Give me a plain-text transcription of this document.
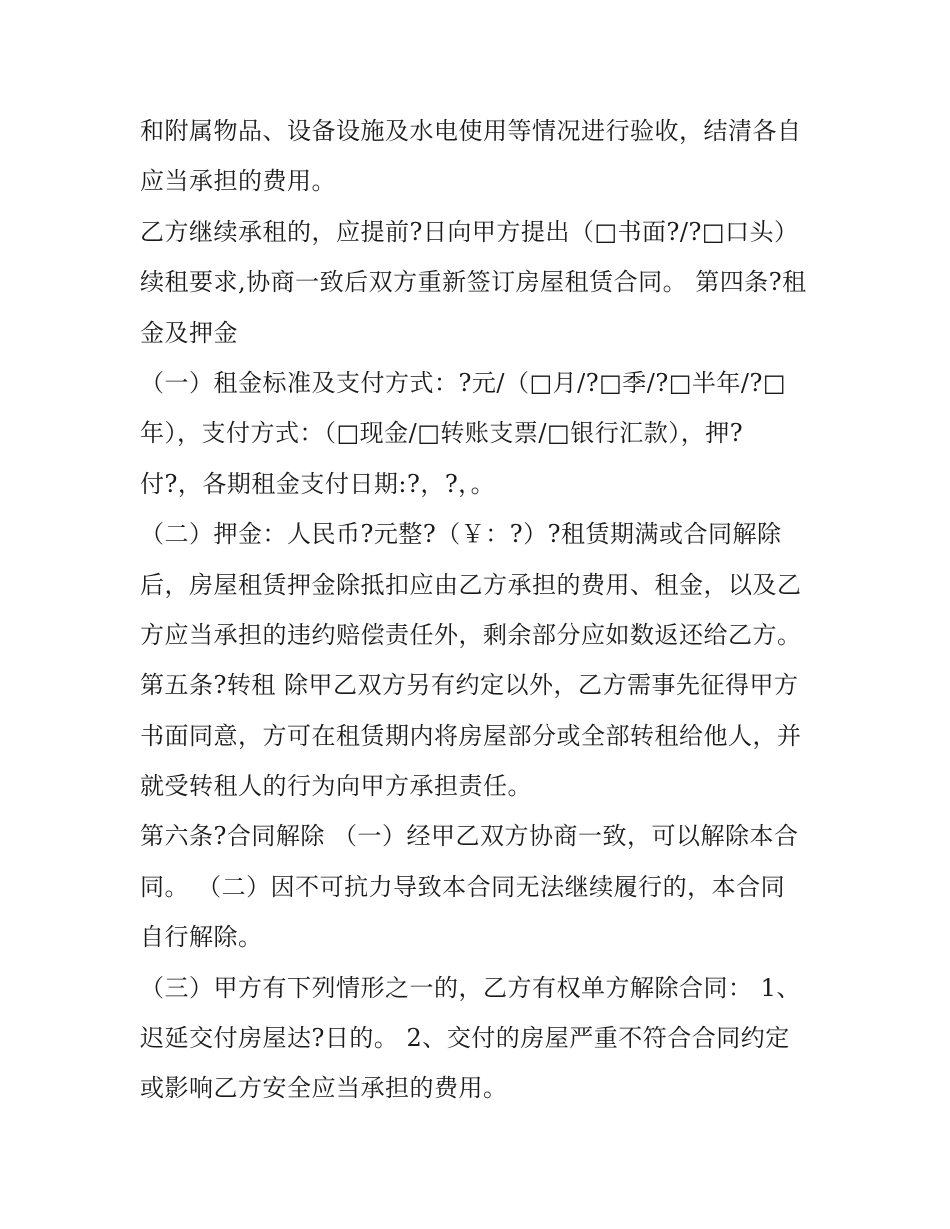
和附属物品、设备设施及水电使用等情况进行验收，结清各自
应当承担的费用。
乙方继续承租的，应提前?日向甲方提出（□书面?/?□口头）
续租要求,协商一致后双方重新签订房屋租赁合同。 第四条?租
金及押金
（一）租金标准及支付方式：?元/（□月/?□季/?□半年/?□
年），支付方式：（□现金/□转账支票/□银行汇款），押?
付?，各期租金支付日期:?，?，。
（二）押金：人民币?元整?（￥：?）?租赁期满或合同解除
后，房屋租赁押金除抵扣应由乙方承担的费用、租金，以及乙
方应当承担的违约赔偿责任外，剩余部分应如数返还给乙方。
第五条?转租 除甲乙双方另有约定以外，乙方需事先征得甲方
书面同意，方可在租赁期内将房屋部分或全部转租给他人，并
就受转租人的行为向甲方承担责任。
第六条?合同解除 （一）经甲乙双方协商一致，可以解除本合
同。 （二）因不可抗力导致本合同无法继续履行的，本合同
自行解除。
（三）甲方有下列情形之一的，乙方有权单方解除合同： 1、
迟延交付房屋达?日的。 2、交付的房屋严重不符合合同约定
或影响乙方安全应当承担的费用。
